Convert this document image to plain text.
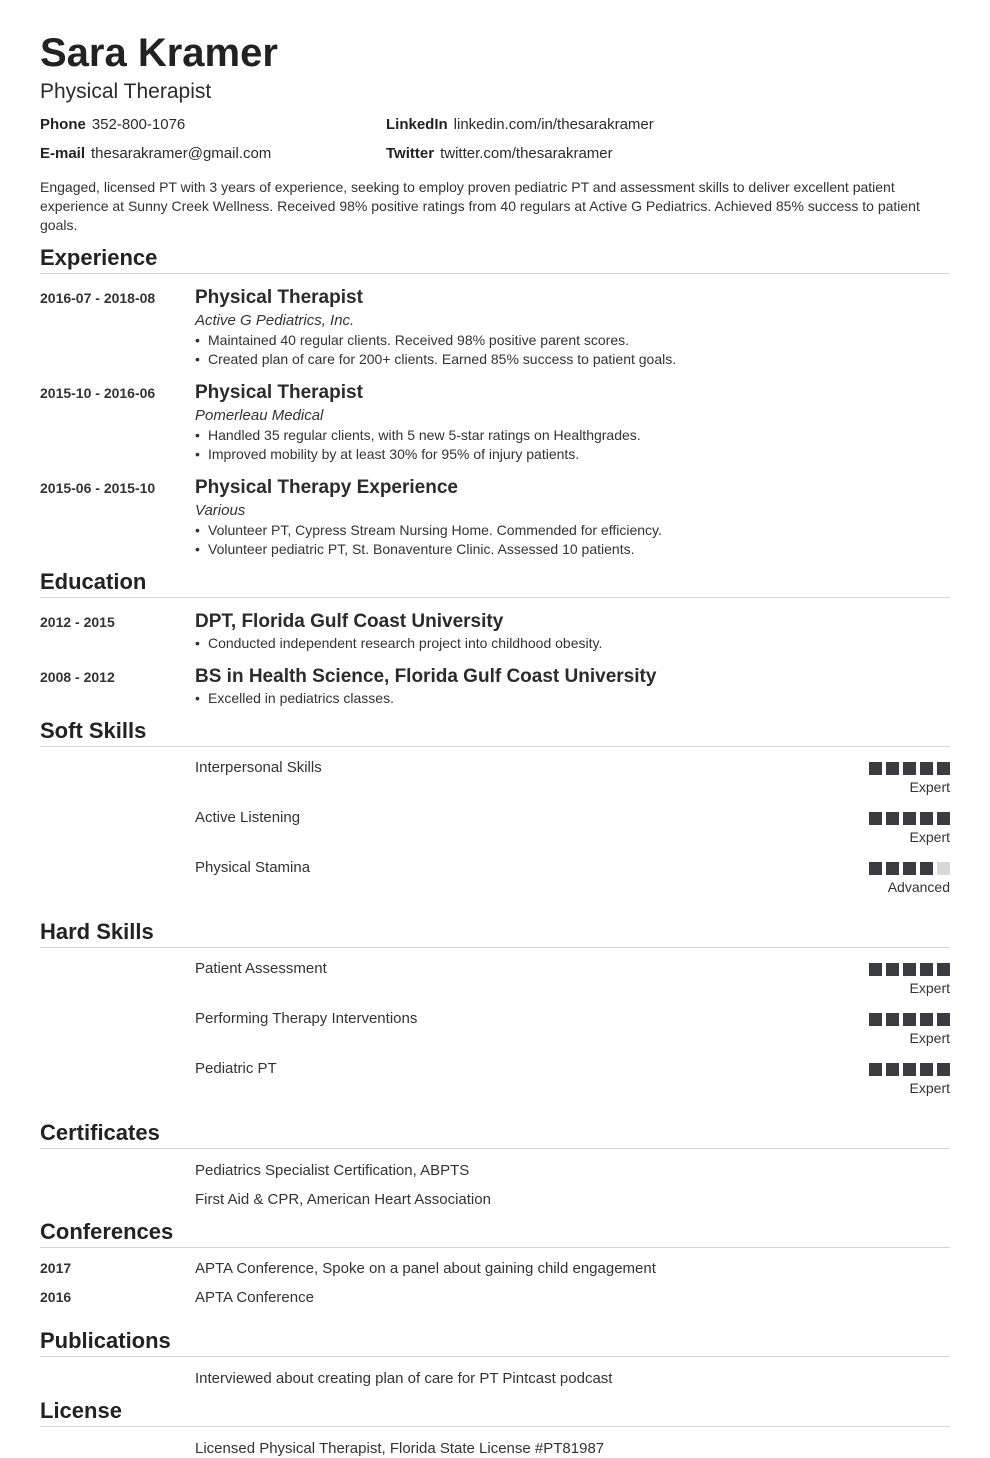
Sara Kramer
Physical Therapist
Phone 352-800-1076
E-mail thesarakramer@gmail.com
LinkedIn linkedin.com/in/thesarakramer
Twitter twitter.com/thesarakramer
Engaged, licensed PT with 3 years of experience, seeking to employ proven pediatric PT and assessment skills to deliver excellent patient experience at Sunny Creek Wellness. Received 98% positive ratings from 40 regulars at Active G Pediatrics. Achieved 85% success to patient goals.
Experience
2016-07 - 2018-08 Physical Therapist
Active G Pediatrics, Inc.
• Maintained 40 regular clients. Received 98% positive parent scores.
• Created plan of care for 200+ clients. Earned 85% success to patient goals.
2015-10 - 2016-06 Physical Therapist
Pomerleau Medical
• Handled 35 regular clients, with 5 new 5-star ratings on Healthgrades.
• Improved mobility by at least 30% for 95% of injury patients.
2015-06 - 2015-10 Physical Therapy Experience
Various
• Volunteer PT, Cypress Stream Nursing Home. Commended for efficiency.
• Volunteer pediatric PT, St. Bonaventure Clinic. Assessed 10 patients.
Education
2012 - 2015	DPT, Florida Gulf Coast University
• Conducted independent research project into childhood obesity.
2008 - 2012	BS in Health Science, Florida Gulf Coast University
• Excelled in pediatrics classes.
Soft Skills
Interpersonal Skills
Expert
Active Listening
Expert
Physical Stamina
Advanced
Hard Skills
Patient Assessment
Expert
Performing Therapy Interventions
Expert
Pediatric PT
Expert
Certificates
Pediatrics Specialist Certification, ABPTS
First Aid & CPR, American Heart Association
Conferences
2017	APTA Conference, Spoke on a panel about gaining child engagement
2016	APTA Conference
Publications
Interviewed about creating plan of care for PT Pintcast podcast
License
Licensed Physical Therapist, Florida State License #PT81987
